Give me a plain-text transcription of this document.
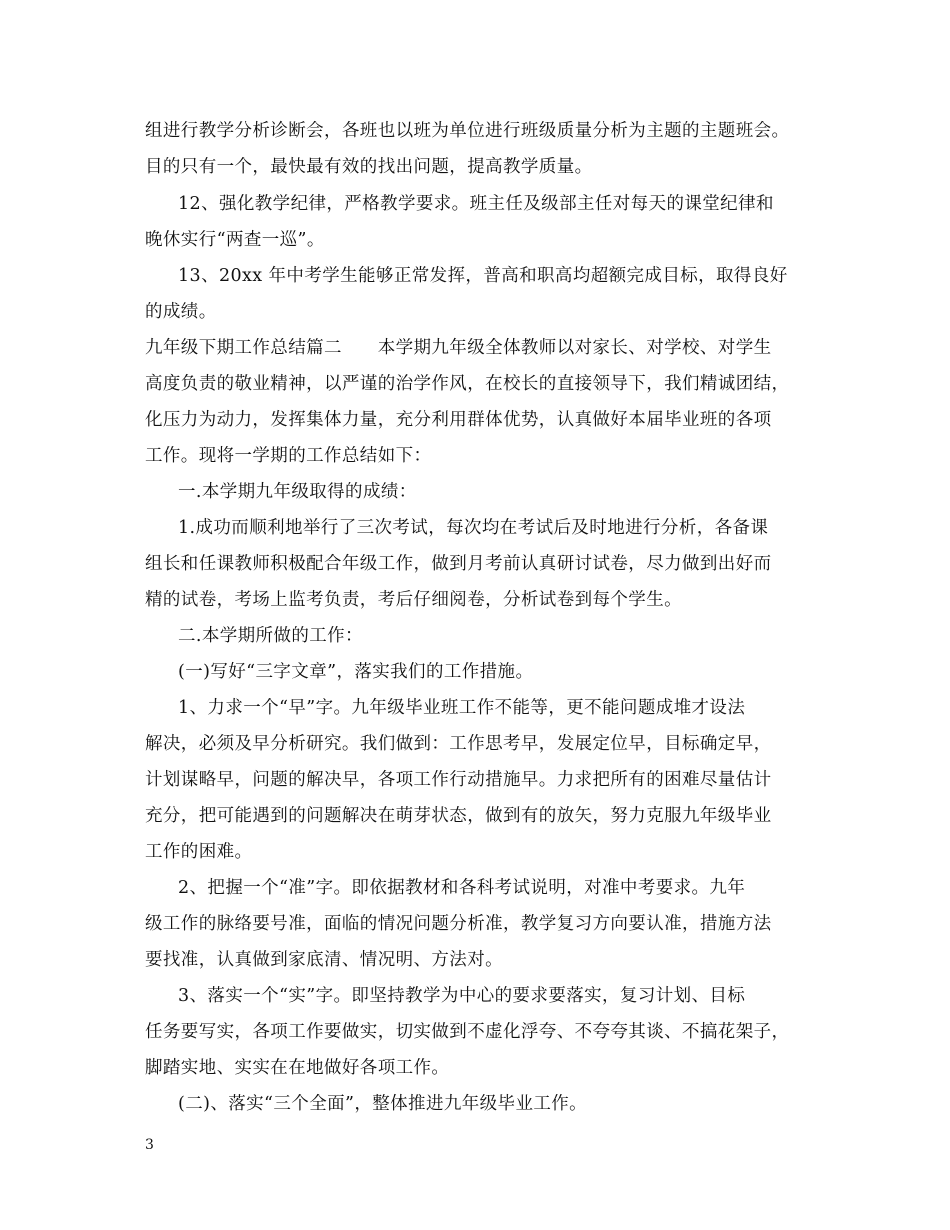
组进行教学分析诊断会，各班也以班为单位进行班级质量分析为主题的主题班会。
目的只有一个，最快最有效的找出问题，提高教学质量。
12、强化教学纪律，严格教学要求。班主任及级部主任对每天的课堂纪律和
晚休实行“两查一巡”。
13、20xx 年中考学生能够正常发挥，普高和职高均超额完成目标，取得良好
的成绩。
九年级下期工作总结篇二　　本学期九年级全体教师以对家长、对学校、对学生
高度负责的敬业精神，以严谨的治学作风，在校长的直接领导下，我们精诚团结，
化压力为动力，发挥集体力量，充分利用群体优势，认真做好本届毕业班的各项
工作。现将一学期的工作总结如下：
一.本学期九年级取得的成绩：
1.成功而顺利地举行了三次考试，每次均在考试后及时地进行分析，各备课
组长和任课教师积极配合年级工作，做到月考前认真研讨试卷，尽力做到出好而
精的试卷，考场上监考负责，考后仔细阅卷，分析试卷到每个学生。
二.本学期所做的工作：
(一)写好“三字文章”，落实我们的工作措施。
1、力求一个“早”字。九年级毕业班工作不能等，更不能问题成堆才设法
解决，必须及早分析研究。我们做到：工作思考早，发展定位早，目标确定早，
计划谋略早，问题的解决早，各项工作行动措施早。力求把所有的困难尽量估计
充分，把可能遇到的问题解决在萌芽状态，做到有的放矢，努力克服九年级毕业
工作的困难。
2、把握一个“准”字。即依据教材和各科考试说明，对准中考要求。九年
级工作的脉络要号准，面临的情况问题分析准，教学复习方向要认准，措施方法
要找准，认真做到家底清、情况明、方法对。
3、落实一个“实”字。即坚持教学为中心的要求要落实，复习计划、目标
任务要写实，各项工作要做实，切实做到不虚化浮夸、不夸夸其谈、不搞花架子，
脚踏实地、实实在在地做好各项工作。
(二)、落实“三个全面”，整体推进九年级毕业工作。
3
